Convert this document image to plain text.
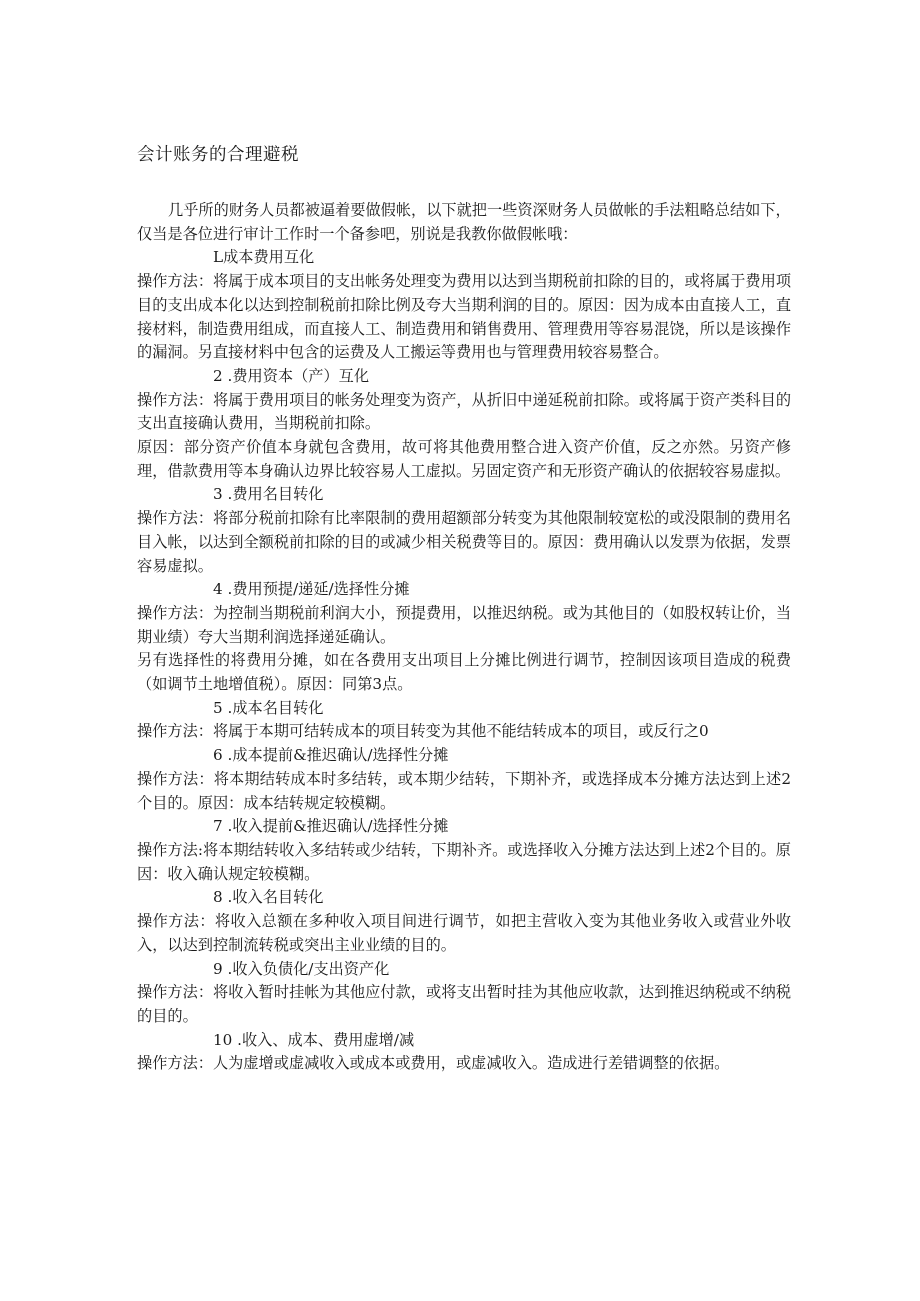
会计账务的合理避税

几乎所的财务人员都被逼着要做假帐，以下就把一些资深财务人员做帐的手法粗略总结如下，仅当是各位进行审计工作时一个备参吧，别说是我教你做假帐哦：

L成本费用互化

操作方法：将属于成本项目的支出帐务处理变为费用以达到当期税前扣除的目的，或将属于费用项目的支出成本化以达到控制税前扣除比例及夸大当期利润的目的。原因：因为成本由直接人工，直接材料，制造费用组成，而直接人工、制造费用和销售费用、管理费用等容易混饶，所以是该操作的漏洞。另直接材料中包含的运费及人工搬运等费用也与管理费用较容易整合。

2 .费用资本（产）互化

操作方法：将属于费用项目的帐务处理变为资产，从折旧中递延税前扣除。或将属于资产类科目的支出直接确认费用，当期税前扣除。

原因：部分资产价值本身就包含费用，故可将其他费用整合进入资产价值，反之亦然。另资产修理，借款费用等本身确认边界比较容易人工虚拟。另固定资产和无形资产确认的依据较容易虚拟。

3 .费用名目转化

操作方法：将部分税前扣除有比率限制的费用超额部分转变为其他限制较宽松的或没限制的费用名目入帐，以达到全额税前扣除的目的或减少相关税费等目的。原因：费用确认以发票为依据，发票容易虚拟。

4 .费用预提/递延/选择性分摊

操作方法：为控制当期税前利润大小，预提费用，以推迟纳税。或为其他目的（如股权转让价，当期业绩）夸大当期利润选择递延确认。

另有选择性的将费用分摊，如在各费用支出项目上分摊比例进行调节，控制因该项目造成的税费（如调节土地增值税）。原因：同第3点。

5 .成本名目转化

操作方法：将属于本期可结转成本的项目转变为其他不能结转成本的项目，或反行之0

6 .成本提前&推迟确认/选择性分摊

操作方法：将本期结转成本时多结转，或本期少结转，下期补齐，或选择成本分摊方法达到上述2个目的。原因：成本结转规定较模糊。

7 .收入提前&推迟确认/选择性分摊

操作方法:将本期结转收入多结转或少结转，下期补齐。或选择收入分摊方法达到上述2个目的。原因：收入确认规定较模糊。

8 .收入名目转化

操作方法：将收入总额在多种收入项目间进行调节，如把主营收入变为其他业务收入或营业外收入，以达到控制流转税或突出主业业绩的目的。

9 .收入负债化/支出资产化

操作方法：将收入暂时挂帐为其他应付款，或将支出暂时挂为其他应收款，达到推迟纳税或不纳税的目的。

10 .收入、成本、费用虚增/减

操作方法：人为虚增或虚减收入或成本或费用，或虚减收入。造成进行差错调整的依据。
